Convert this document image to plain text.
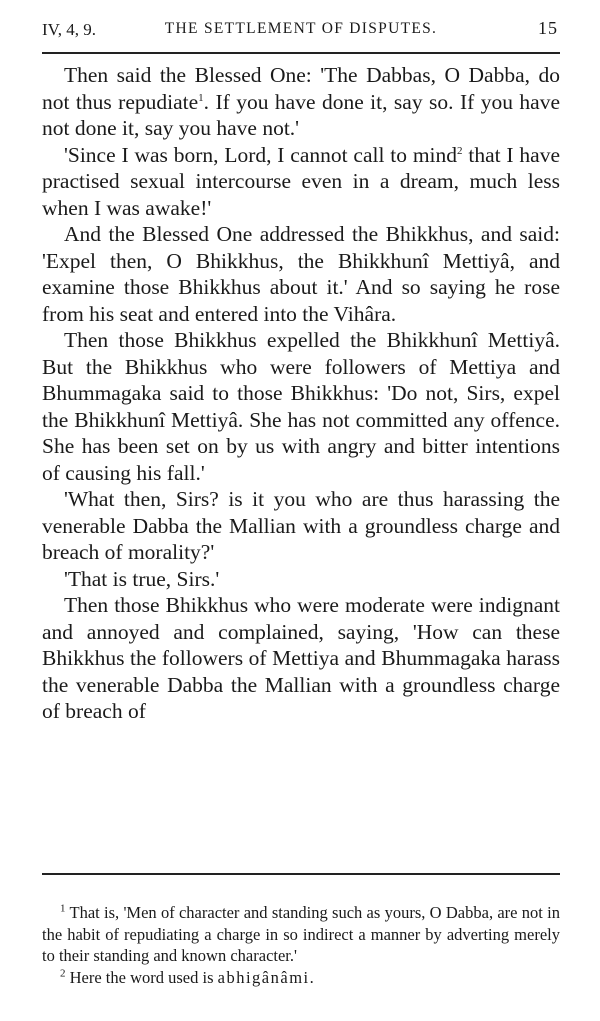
IV, 4, 9.	THE SETTLEMENT OF DISPUTES.	15

Then said the Blessed One: 'The Dabbas, O Dabba, do not thus repudiate$^1$. If you have done it, say so. If you have not done it, say you have not.'

'Since I was born, Lord, I cannot call to mind$^2$ that I have practised sexual intercourse even in a dream, much less when I was awake!'

And the Blessed One addressed the Bhikkhus, and said: 'Expel then, O Bhikkhus, the Bhikkhunî Mettiyâ, and examine those Bhikkhus about it.' And so saying he rose from his seat and entered into the Vihâra.

Then those Bhikkhus expelled the Bhikkhunî Mettiyâ. But the Bhikkhus who were followers of Mettiya and Bhummagaka said to those Bhikkhus: 'Do not, Sirs, expel the Bhikkhunî Mettiyâ. She has not committed any offence. She has been set on by us with angry and bitter intentions of causing his fall.'

'What then, Sirs? is it you who are thus harassing the venerable Dabba the Mallian with a groundless charge and breach of morality?'

'That is true, Sirs.'

Then those Bhikkhus who were moderate were indignant and annoyed and complained, saying, 'How can these Bhikkhus the followers of Mettiya and Bhummagaka harass the venerable Dabba the Mallian with a groundless charge of breach of

$^1$ That is, 'Men of character and standing such as yours, O Dabba, are not in the habit of repudiating a charge in so indirect a manner by adverting merely to their standing and known character.'

$^2$ Here the word used is abhigânâmi.
